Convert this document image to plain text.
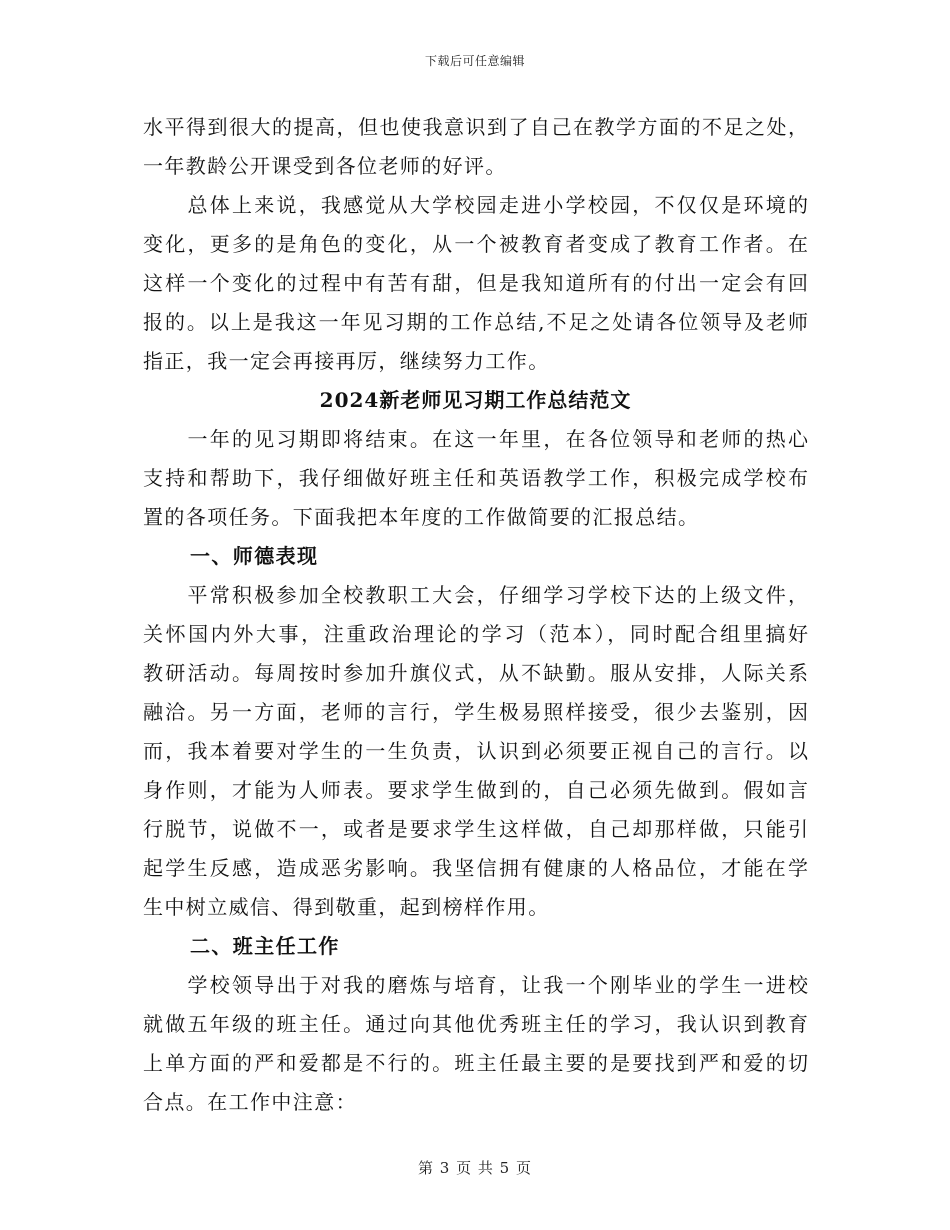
下载后可任意编辑
水平得到很大的提高，但也使我意识到了自己在教学方面的不足之处，
一年教龄公开课受到各位老师的好评。
　　总体上来说，我感觉从大学校园走进小学校园，不仅仅是环境的
变化，更多的是角色的变化，从一个被教育者变成了教育工作者。在
这样一个变化的过程中有苦有甜，但是我知道所有的付出一定会有回
报的。以上是我这一年见习期的工作总结,不足之处请各位领导及老师
指正，我一定会再接再厉，继续努力工作。
2024新老师见习期工作总结范文
　　一年的见习期即将结束。在这一年里，在各位领导和老师的热心
支持和帮助下，我仔细做好班主任和英语教学工作，积极完成学校布
置的各项任务。下面我把本年度的工作做简要的汇报总结。
一、师德表现
　　平常积极参加全校教职工大会，仔细学习学校下达的上级文件，
关怀国内外大事，注重政治理论的学习（范本），同时配合组里搞好
教研活动。每周按时参加升旗仪式，从不缺勤。服从安排，人际关系
融洽。另一方面，老师的言行，学生极易照样接受，很少去鉴别，因
而，我本着要对学生的一生负责，认识到必须要正视自己的言行。以
身作则，才能为人师表。要求学生做到的，自己必须先做到。假如言
行脱节，说做不一，或者是要求学生这样做，自己却那样做，只能引
起学生反感，造成恶劣影响。我坚信拥有健康的人格品位，才能在学
生中树立威信、得到敬重，起到榜样作用。
二、班主任工作
　　学校领导出于对我的磨炼与培育，让我一个刚毕业的学生一进校
就做五年级的班主任。通过向其他优秀班主任的学习，我认识到教育
上单方面的严和爱都是不行的。班主任最主要的是要找到严和爱的切
合点。在工作中注意：
第 3 页 共 5 页
